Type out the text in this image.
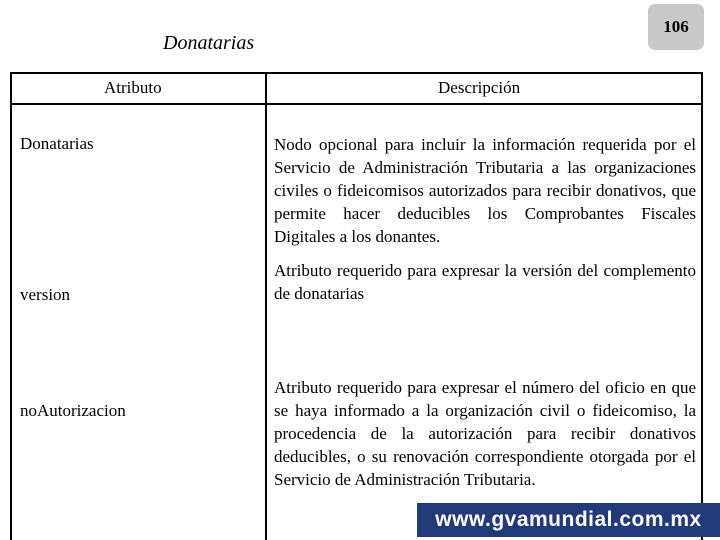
106
Donatarias
Atributo	Descripción
Donatarias	Nodo opcional para incluir la información requerida por el Servicio de Administración Tributaria a las organizaciones civiles o fideicomisos autorizados para recibir donativos, que permite hacer deducibles los Comprobantes Fiscales Digitales a los donantes.
version
Atributo requerido para expresar la versión del complemento de donatarias
noAutorizacion
Atributo requerido para expresar el número del oficio en que se haya informado a la organización civil o fideicomiso, la procedencia de la autorización para recibir donativos deducibles, o su renovación correspondiente otorgada por el Servicio de Administración Tributaria.
www.gvamundial.com.mx
